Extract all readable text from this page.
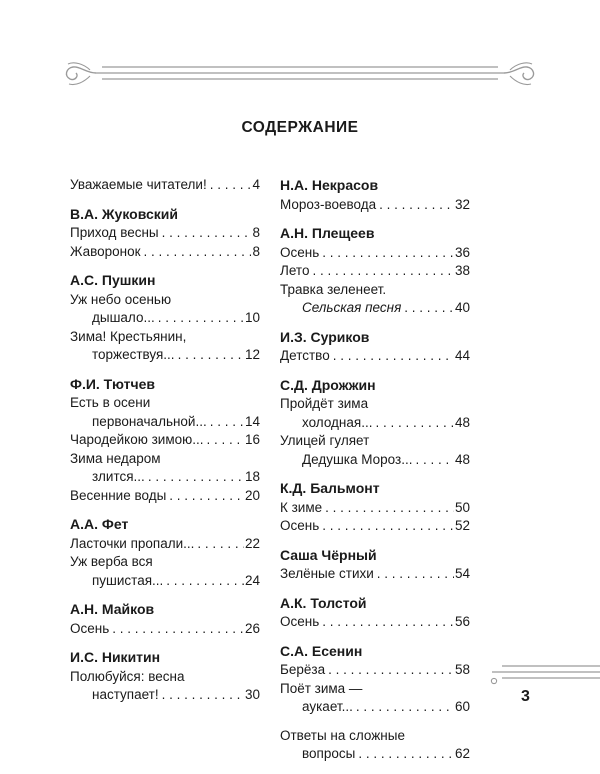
СОДЕРЖАНИЕ
Уважаемые читатели! . . .	4
В.А. Жуковский
Приход весны . . .	8
Жаворонок . . .	8
А.С. Пушкин
Уж небо осенью
дышало... . . .	10
Зима! Крестьянин,
торжествуя... . . .	12
Ф.И. Тютчев
Есть в осени
первоначальной... . . .	14
Чародейкою зимою... . . .	16
Зима недаром
злится... . . .	18
Весенние воды . . .	20
А.А. Фет
Ласточки пропали... . . .	22
Уж верба вся
пушистая... . . .	24
А.Н. Майков
Осень . . .	26
И.С. Никитин
Полюбуйся: весна
наступает! . . .	30
Н.А. Некрасов
Мороз-воевода . . .	32
А.Н. Плещеев
Осень . . .	36
Лето . . .	38
Травка зеленеет.
Сельская песня . . .	40
И.З. Суриков
Детство . . .	44
С.Д. Дрожжин
Пройдёт зима
холодная... . . .	48
Улицей гуляет
Дедушка Мороз... . . .	48
К.Д. Бальмонт
К зиме . . .	50
Осень . . .	52
Саша Чёрный
Зелёные стихи . . .	54
А.К. Толстой
Осень . . .	56
С.А. Есенин
Берёза . . .	58
Поёт зима —
аукает... . . .	60
Ответы на сложные
вопросы . . .	62
3
